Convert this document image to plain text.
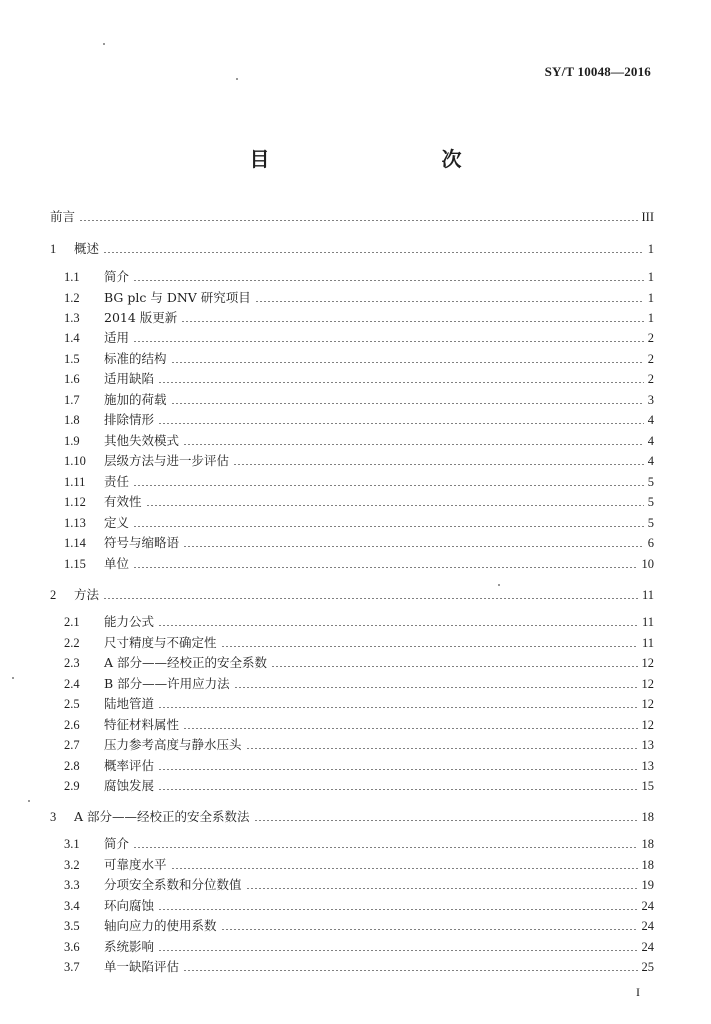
SY/T 10048—2016
目　　次
前言	III
1	概述	1
1.1	简介	1
1.2	BG plc 与 DNV 研究项目	1
1.3	2014 版更新	1
1.4	适用	2
1.5	标准的结构	2
1.6	适用缺陷	2
1.7	施加的荷载	3
1.8	排除情形	4
1.9	其他失效模式	4
1.10	层级方法与进一步评估	4
1.11	责任	5
1.12	有效性	5
1.13	定义	5
1.14	符号与缩略语	6
1.15	单位	10
2	方法	11
2.1	能力公式	11
2.2	尺寸精度与不确定性	11
2.3	A 部分——经校正的安全系数	12
2.4	B 部分——许用应力法	12
2.5	陆地管道	12
2.6	特征材料属性	12
2.7	压力参考高度与静水压头	13
2.8	概率评估	13
2.9	腐蚀发展	15
3	A 部分——经校正的安全系数法	18
3.1	简介	18
3.2	可靠度水平	18
3.3	分项安全系数和分位数值	19
3.4	环向腐蚀	24
3.5	轴向应力的使用系数	24
3.6	系统影响	24
3.7	单一缺陷评估	25
I
